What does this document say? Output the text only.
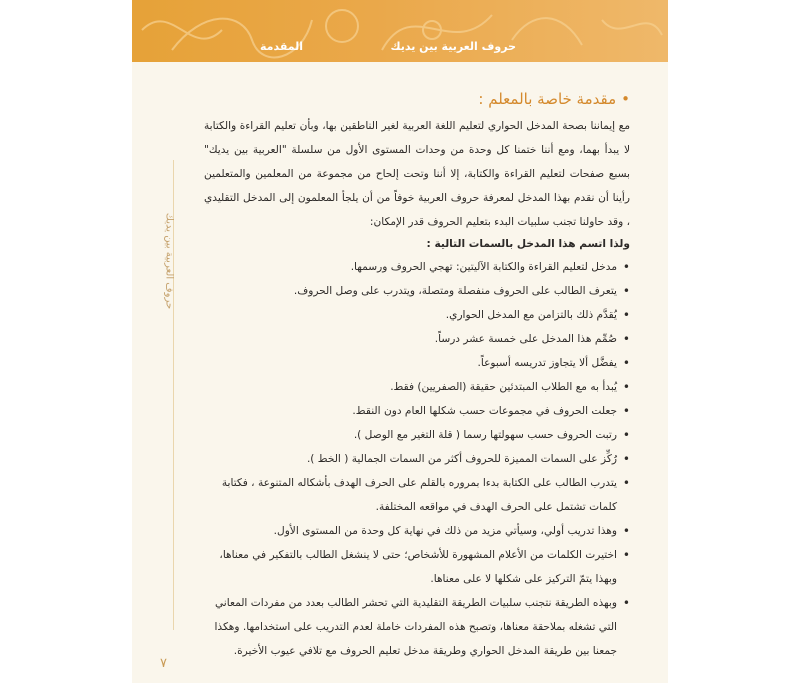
حروف العربية بين يديك
المقدمة
حروف العربية بين يديك
•مقدمة خاصة بالمعلم :

مع إيماننا بصحة المدخل الحواري لتعليم اللغة العربية لغير الناطقين بها، وبأن تعليم القراءة والكتابة لا يبدأ بهما، ومع أننا ختمنا كل وحدة من وحدات المستوى الأول من سلسلة "العربية بين يديك" بسبع صفحات لتعليم القراءة والكتابة، إلا أننا وتحت إلحاح من مجموعة من المعلمين والمتعلمين رأينا أن نقدم بهذا المدخل لمعرفة حروف العربية خوفاً من أن يلجأ المعلمون إلى المدخل التقليدي ، وقد حاولنا تجنب سلبيات البدء بتعليم الحروف قدر الإمكان:

ولذا اتسم هذا المدخل بالسمات التالية :
• مدخل لتعليم القراءة والكتابة الآليتين: تهجي الحروف ورسمها.
• يتعرف الطالب على الحروف منفصلة ومتصلة، ويتدرب على وصل الحروف.
• يُقدَّم ذلك بالتزامن مع المدخل الحواري.
• صُمِّم هذا المدخل على خمسة عشر درساً.
• يفضَّل ألا يتجاوز تدريسه أسبوعاً.
• يُبدأ به مع الطلاب المبتدئين حقيقة (الصفريين) فقط.
• جعلت الحروف في مجموعات حسب شكلها العام دون النقط.
• رتبت الحروف حسب سهولتها رسما ( قلة التغير مع الوصل ).
• رُكِّز على السمات المميزة للحروف أكثر من السمات الجمالية ( الخط ).
• يتدرب الطالب على الكتابة بدءا بمروره بالقلم على الحرف الهدف بأشكاله المتنوعة ، فكتابة كلمات تشتمل على الحرف الهدف في مواقعه المختلفة.
• وهذا تدريب أولي، وسيأتي مزيد من ذلك في نهاية كل وحدة من المستوى الأول.
• اختيرت الكلمات من الأعلام المشهورة للأشخاص؛ حتى لا ينشغل الطالب بالتفكير في معناها، وبهذا يتمّ التركيز على شكلها لا على معناها.
• وبهذه الطريقة نتجنب سلبيات الطريقة التقليدية التي تحشر الطالب بعدد من مفردات المعاني التي تشغله بملاحقة معناها، وتصبح هذه المفردات خاملة لعدم التدريب على استخدامها. وهكذا جمعنا بين طريقة المدخل الحواري وطريقة مدخل تعليم الحروف مع تلافي عيوب الأخيرة.
٧
